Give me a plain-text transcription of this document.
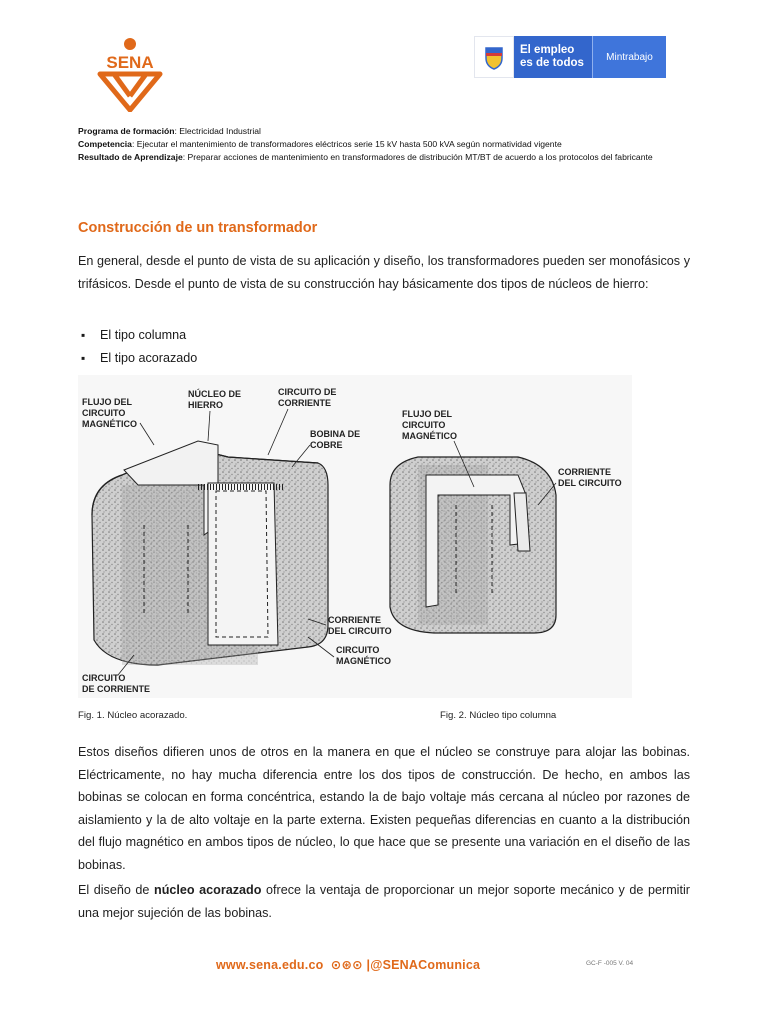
SENA
El empleo
es de todos	Mintrabajo
Programa de formación: Electricidad Industrial
Competencia: Ejecutar el mantenimiento de transformadores eléctricos serie 15 kV hasta 500 kVA según normatividad vigente
Resultado de Aprendizaje: Preparar acciones de mantenimiento en transformadores de distribución MT/BT de acuerdo a los protocolos del fabricante
Construcción de un transformador
En general, desde el punto de vista de su aplicación y diseño, los transformadores pueden ser monofásicos y trifásicos. Desde el punto de vista de su construcción hay básicamente dos tipos de núcleos de hierro:
▪ El tipo columna
▪ El tipo acorazado
FLUJO DEL
CIRCUITO
MAGNÉTICO
NÚCLEO DE
HIERRO
CIRCUITO DE
CORRIENTE
BOBINA DE
COBRE
CORRIENTE
DEL CIRCUITO
CIRCUITO
MAGNÉTICO
CIRCUITO
DE CORRIENTE
FLUJO DEL
CIRCUITO
MAGNÉTICO
CORRIENTE
DEL CIRCUITO
Fig. 1. Núcleo acorazado.	Fig. 2. Núcleo tipo columna
Estos diseños difieren unos de otros en la manera en que el núcleo se construye para alojar las bobinas. Eléctricamente, no hay mucha diferencia entre los dos tipos de construcción. De hecho, en ambos las bobinas se colocan en forma concéntrica, estando la de bajo voltaje más cercana al núcleo por razones de aislamiento y la de alto voltaje en la parte externa. Existen pequeñas diferencias en cuanto a la distribución del flujo magnético en ambos tipos de núcleo, lo que hace que se presente una variación en el diseño de las bobinas.
El diseño de núcleo acorazado ofrece la ventaja de proporcionar un mejor soporte mecánico y de permitir una mejor sujeción de las bobinas.
www.sena.edu.co ⊙⊛⊙ |@SENAComunica	GC-F -005 V. 04
